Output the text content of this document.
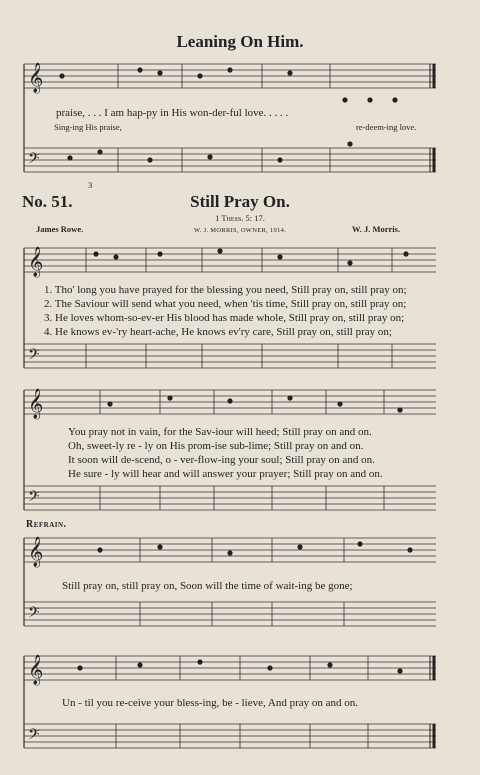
𝄞
𝄢
𝄞
𝄢
𝄞
𝄢
𝄞
𝄢
𝄞
𝄢
Leaning On Him.
praise, . . . I am hap-py in His won-der-ful love. . . . .
Sing-ing His praise,	re-deem-ing love.
3
No. 51.	Still Pray On.
1 Thess. 5: 17.
James Rowe.	W. J. MORRIS, OWNER, 1914.	W. J. Morris.
1. Tho' long you have prayed for the blessing you need, Still pray on, still pray on;
2. The Saviour will send what you need, when 'tis time, Still pray on, still pray on;
3. He loves whom-so-ev-er His blood has made whole, Still pray on, still pray on;
4. He knows ev-'ry heart-ache, He knows ev'ry care, Still pray on, still pray on;
You pray not in vain, for the Sav-iour will heed; Still pray on and on.
Oh, sweet-ly re - ly on His prom-ise sub-lime; Still pray on and on.
It soon will de-scend, o - ver-flow-ing your soul; Still pray on and on.
He sure - ly will hear and will answer your prayer; Still pray on and on.
Refrain.
Still pray on, still pray on, Soon will the time of wait-ing be gone;
Un - til you re-ceive your bless-ing, be - lieve, And pray on and on.
